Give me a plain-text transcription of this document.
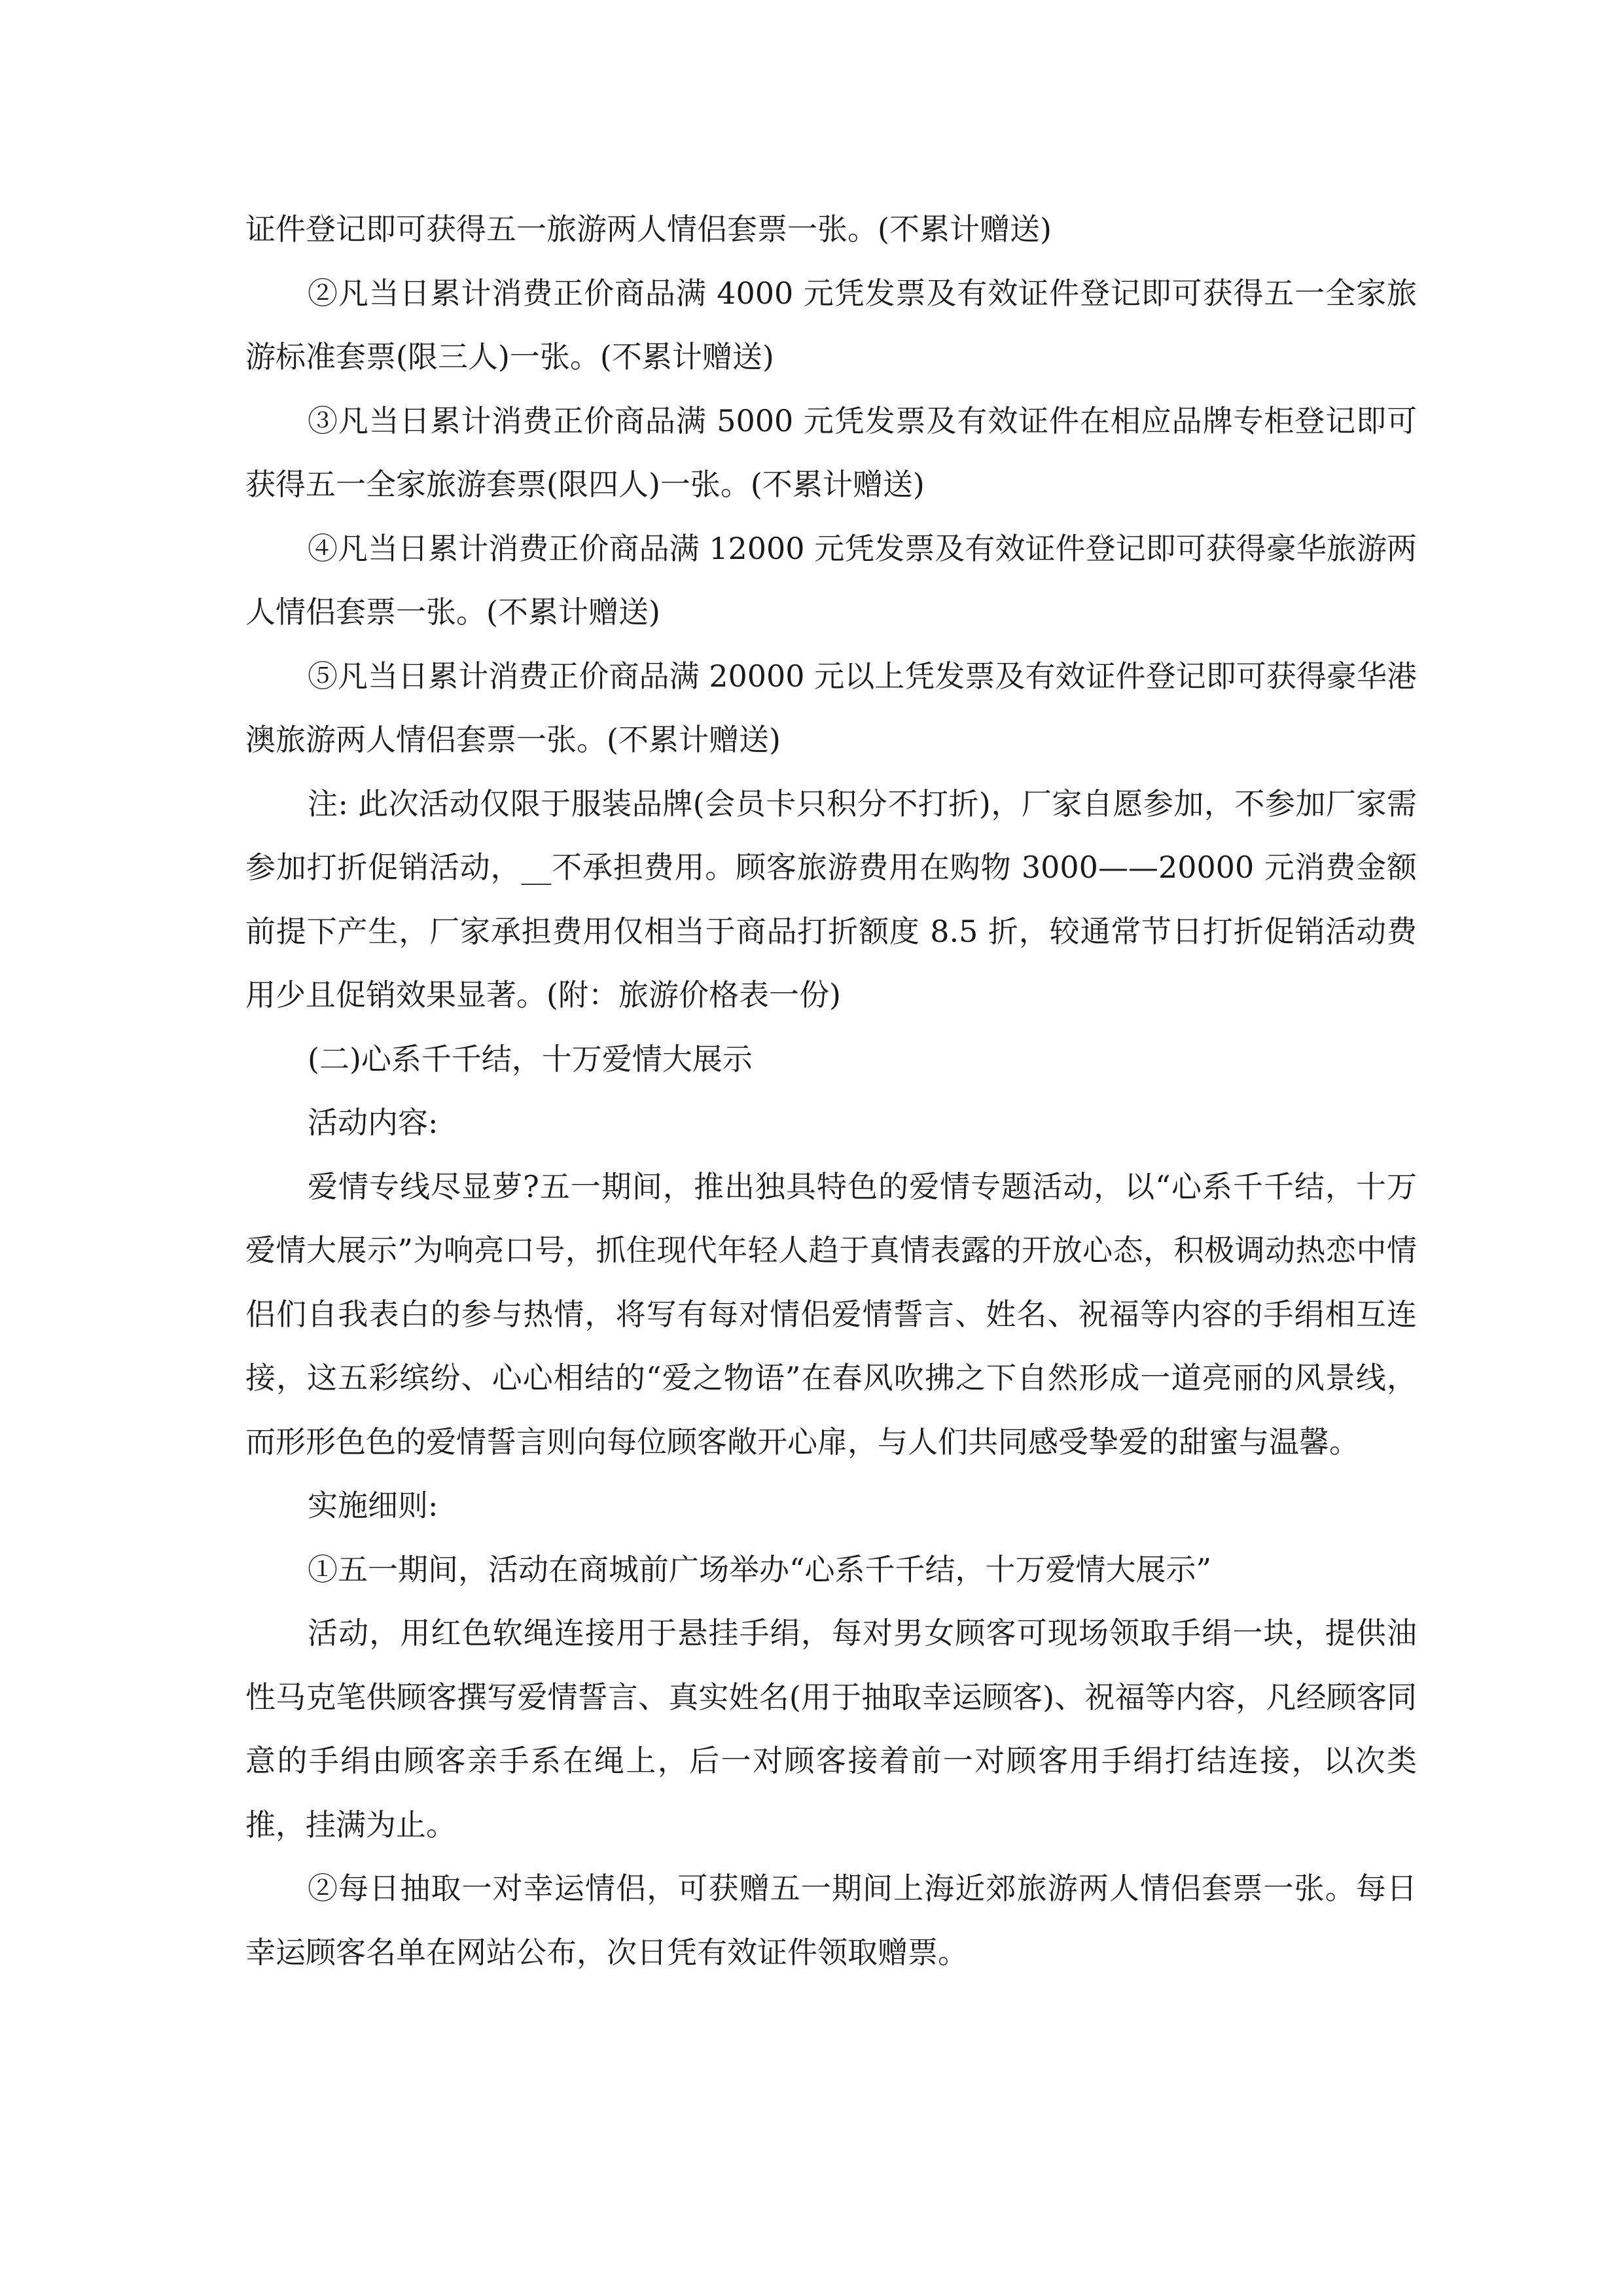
证件登记即可获得五一旅游两人情侣套票一张。(不累计赠送)

②凡当日累计消费正价商品满 4000 元凭发票及有效证件登记即可获得五一全家旅游标准套票(限三人)一张。(不累计赠送)

③凡当日累计消费正价商品满 5000 元凭发票及有效证件在相应品牌专柜登记即可获得五一全家旅游套票(限四人)一张。(不累计赠送)

④凡当日累计消费正价商品满 12000 元凭发票及有效证件登记即可获得豪华旅游两人情侣套票一张。(不累计赠送)

⑤凡当日累计消费正价商品满 20000 元以上凭发票及有效证件登记即可获得豪华港澳旅游两人情侣套票一张。(不累计赠送)

注: 此次活动仅限于服装品牌(会员卡只积分不打折)，厂家自愿参加，不参加厂家需参加打折促销活动，__不承担费用。顾客旅游费用在购物 3000——20000 元消费金额前提下产生，厂家承担费用仅相当于商品打折额度 8.5 折，较通常节日打折促销活动费用少且促销效果显著。(附：旅游价格表一份)

(二)心系千千结，十万爱情大展示

活动内容:

爱情专线尽显萝?五一期间，推出独具特色的爱情专题活动，以“心系千千结，十万爱情大展示”为响亮口号，抓住现代年轻人趋于真情表露的开放心态，积极调动热恋中情侣们自我表白的参与热情，将写有每对情侣爱情誓言、姓名、祝福等内容的手绢相互连接，这五彩缤纷、心心相结的“爱之物语”在春风吹拂之下自然形成一道亮丽的风景线，而形形色色的爱情誓言则向每位顾客敞开心扉，与人们共同感受挚爱的甜蜜与温馨。

实施细则:

①五一期间，活动在商城前广场举办“心系千千结，十万爱情大展示”

活动，用红色软绳连接用于悬挂手绢，每对男女顾客可现场领取手绢一块，提供油性马克笔供顾客撰写爱情誓言、真实姓名(用于抽取幸运顾客)、祝福等内容，凡经顾客同意的手绢由顾客亲手系在绳上，后一对顾客接着前一对顾客用手绢打结连接，以次类推，挂满为止。

②每日抽取一对幸运情侣，可获赠五一期间上海近郊旅游两人情侣套票一张。每日幸运顾客名单在网站公布，次日凭有效证件领取赠票。
